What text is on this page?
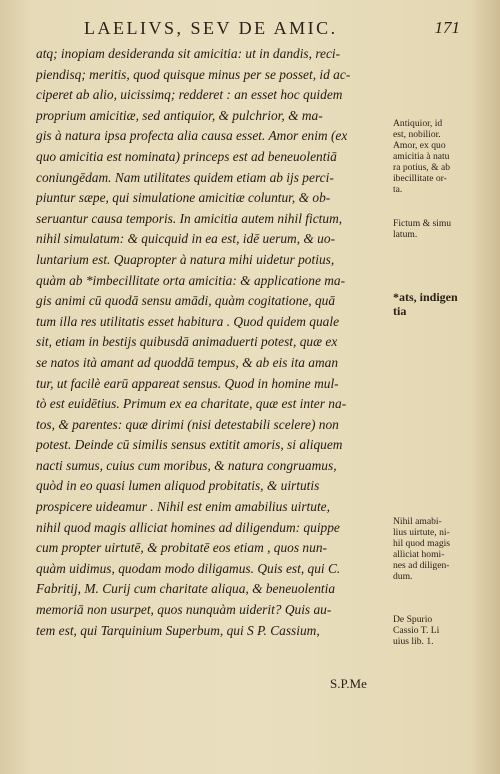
LAELIVS, SEV DE AMIC.	171
atq; inopiam desideranda sit amicitia: ut in dandis, reci-
piendisq; meritis, quod quisque minus per se posset, id ac-
ciperet ab alio, uicissimq; redderet : an esset hoc quidem
proprium amicitiæ, sed antiquior, & pulchrior, & ma-
gis à natura ipsa profecta alia causa esset. Amor enim (ex
quo amicitia est nominata) princeps est ad beneuolentiā
coniungēdam. Nam utilitates quidem etiam ab ijs perci-
piuntur sæpe, qui simulatione amicitiæ coluntur, & ob-
seruantur causa temporis. In amicitia autem nihil fictum,
nihil simulatum: & quicquid in ea est, idē uerum, & uo-
luntarium est. Quapropter à natura mihi uidetur potius,
quàm ab *imbecillitate orta amicitia: & applicatione ma-
gis animi cū quodā sensu amādi, quàm cogitatione, quā
tum illa res utilitatis esset habitura . Quod quidem quale
sit, etiam in bestijs quibusdā animaduerti potest, quæ ex
se natos ità amant ad quoddā tempus, & ab eis ita aman
tur, ut facilè earū appareat sensus. Quod in homine mul-
tò est euidētius. Primum ex ea charitate, quæ est inter na-
tos, & parentes: quæ dirimi (nisi detestabili scelere) non
potest. Deinde cū similis sensus extitit amoris, si aliquem
nacti sumus, cuius cum moribus, & natura congruamus,
quòd in eo quasi lumen aliquod probitatis, & uirtutis
prospicere uideamur . Nihil est enim amabilius uirtute,
nihil quod magis alliciat homines ad diligendum: quippe
cum propter uirtutē, & probitatē eos etiam , quos nun-
quàm uidimus, quodam modo diligamus. Quis est, qui C.
Fabritij, M. Curij cum charitate aliqua, & beneuolentia
memoriā non usurpet, quos nunquàm uiderit? Quis au-
tem est, qui Tarquinium Superbum, qui S P. Cassium,
Antiquior, id
est, nobilior.
Amor, ex quo
amicitia à natu
ra potius, & ab
ibecillitate or-
ta.
Fictum & simu
latum.
*ats, indigen
tia
Nihil amabi-
lius uirtute, ni-
hil quod magis
alliciat homi-
nes ad diligen-
dum.
De Spurio
Cassio T. Li
uius lib. 1.
S.P.Me
